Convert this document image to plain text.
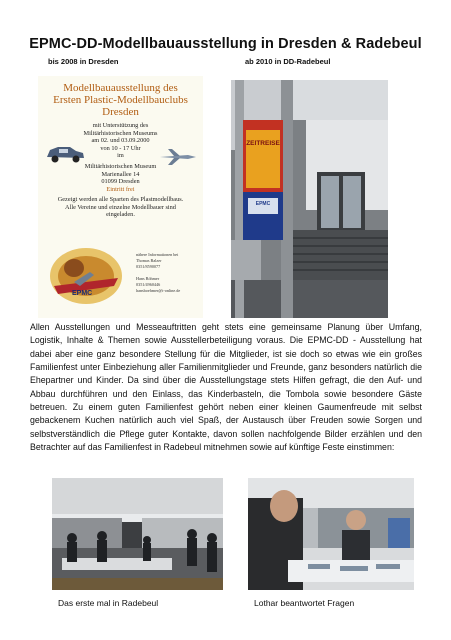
EPMC-DD-Modellbauausstellung in Dresden & Radebeul
bis 2008 in Dresden	ab 2010 in DD-Radebeul
Modellbauausstellung des
Ersten Plastic-Modellbauclubs
Dresden
mit Unterstützung des
Militärhistorischen Museums
am 02. und 03.09.2000
von 10 - 17 Uhr
im
Militärhistorischen Museum
Marienallee 14
01099 Dresden
Eintritt frei
Gezeigt werden alle Sparten des Plastmodellbaus.
Alle Vereine und einzelne Modellbauer sind
eingeladen.
EPMC
nähere Informationen bei
Thomas Balzer
0351/8590077
Hans Böhmer
0351/4960446
hansboehmer@t-online.de
ZEITREISE
EPMC

Allen Ausstellungen und Messeauftritten geht stets eine gemeinsame Planung über Umfang, Logistik, Inhalte & Themen sowie Ausstellerbeteiligung voraus. Die EPMC-DD - Ausstellung hat dabei aber eine ganz besondere Stellung für die Mitglieder, ist sie doch so etwas wie ein großes Familienfest unter Einbeziehung aller Familienmitglieder und Freunde, ganz besonders natürlich die Ehepartner und Kinder. Da sind über die Ausstellungstage stets Hilfen gefragt, die den Auf- und Abbau durchführen und den Einlass, das Kinderbasteln, die Tombola sowie besondere Gäste betreuen. Zu einem guten Familienfest gehört neben einer kleinen Gaumenfreude mit selbst gebackenem Kuchen natürlich auch viel Spaß, der Austausch über Freuden sowie Sorgen und selbstverständlich die Pflege guter Kontakte, davon sollen nachfolgende Bilder erzählen und den Betrachter auf das Familienfest in Radebeul mitnehmen sowie auf künftige Feste einstimmen:

Das erste mal in Radebeul	Lothar beantwortet Fragen
